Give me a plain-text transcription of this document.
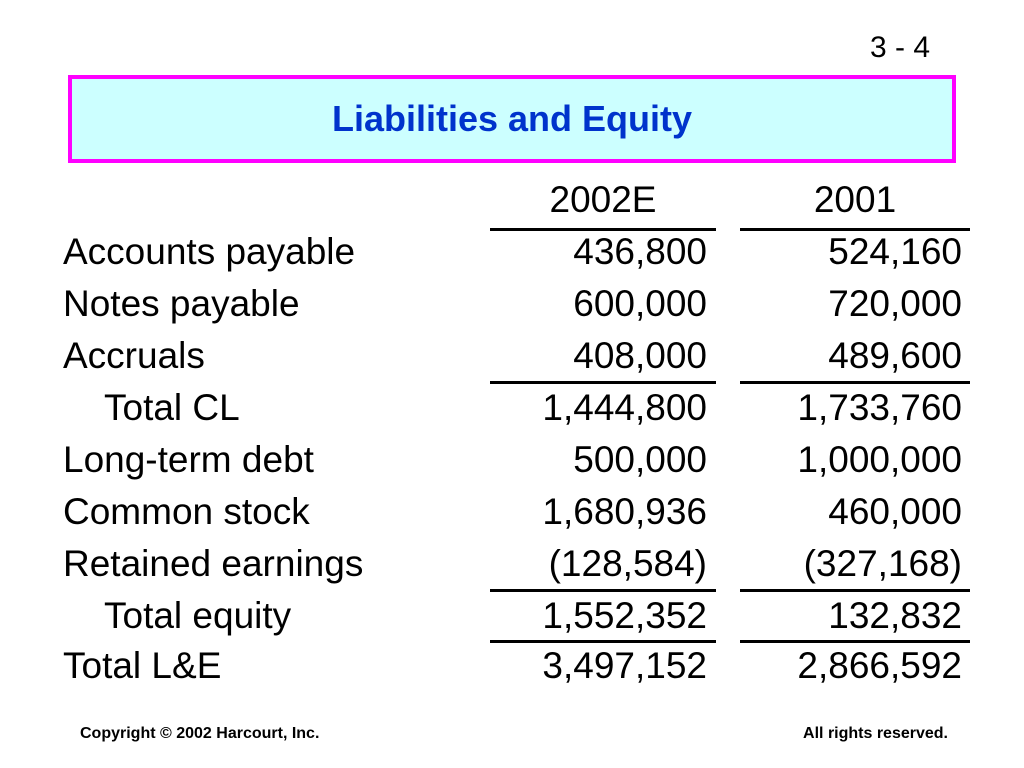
3 - 4
Liabilities and Equity
2002E	2001
Accounts payable	436,800	524,160
Notes payable	600,000	720,000
Accruals	408,000	489,600
Total CL	1,444,800 1,733,760
Long-term debt	500,000 1,000,000
Common stock	1,680,936	460,000
Retained earnings	(128,584)	(327,168)
Total equity	1,552,352	132,832
Total L&E	3,497,152 2,866,592
Copyright © 2002 Harcourt, Inc.	All rights reserved.
